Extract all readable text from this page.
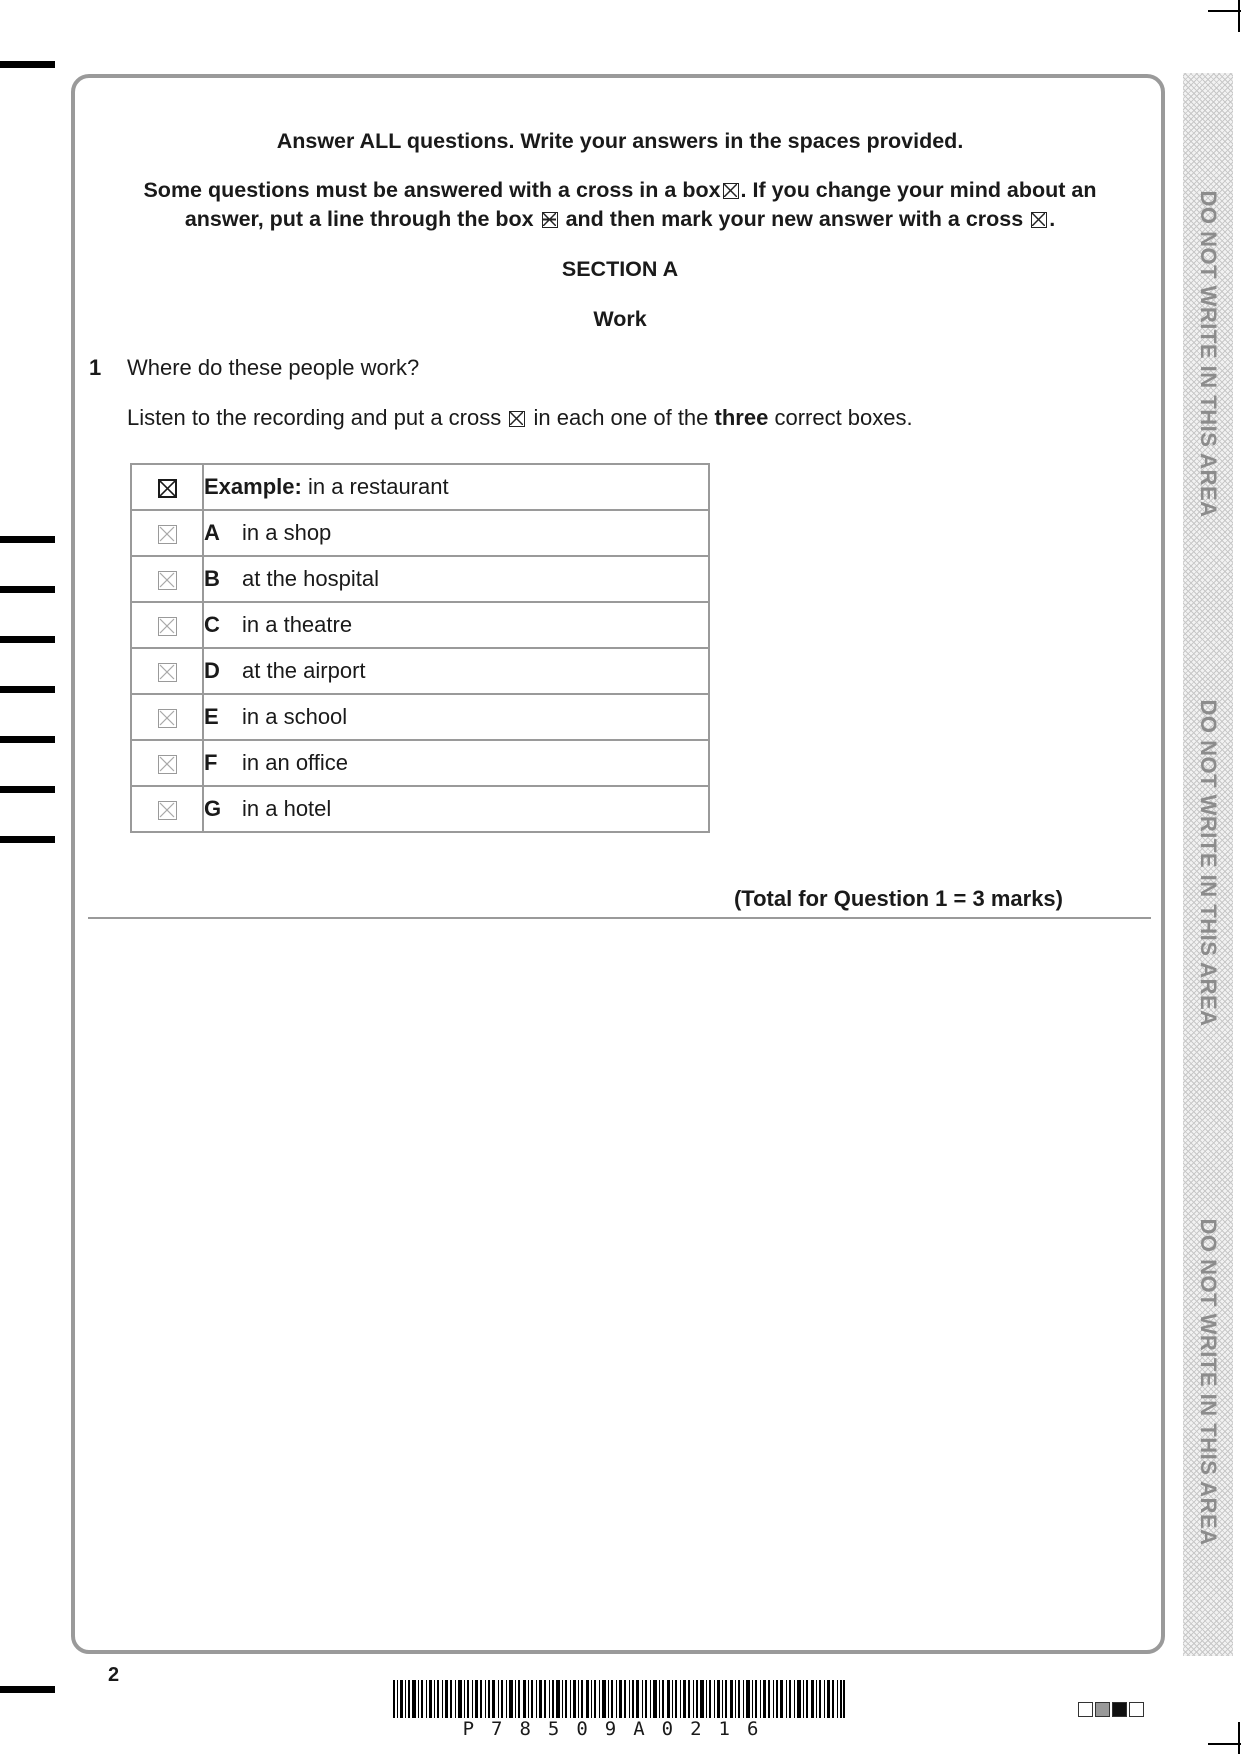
Answer ALL questions. Write your answers in the spaces provided.
Some questions must be answered with a cross in a box ☒ . If you change your mind about an
answer, put a line through the box and then mark your new answer with a cross ☒ .
SECTION A
Work
1 Where do these people work?
Listen to the recording and put a cross ☒ in each one of the three correct boxes.
	Example: in a restaurant

	A in a shop

	B at the hospital

	C in a theatre

	D at the airport

	E in a school

	F in an office

	G in a hotel
(Total for Question 1 = 3 marks)
DO NOT WRITE IN THIS AREA
DO NOT WRITE IN THIS AREA
DO NOT WRITE IN THIS AREA
2
P78509A0216
